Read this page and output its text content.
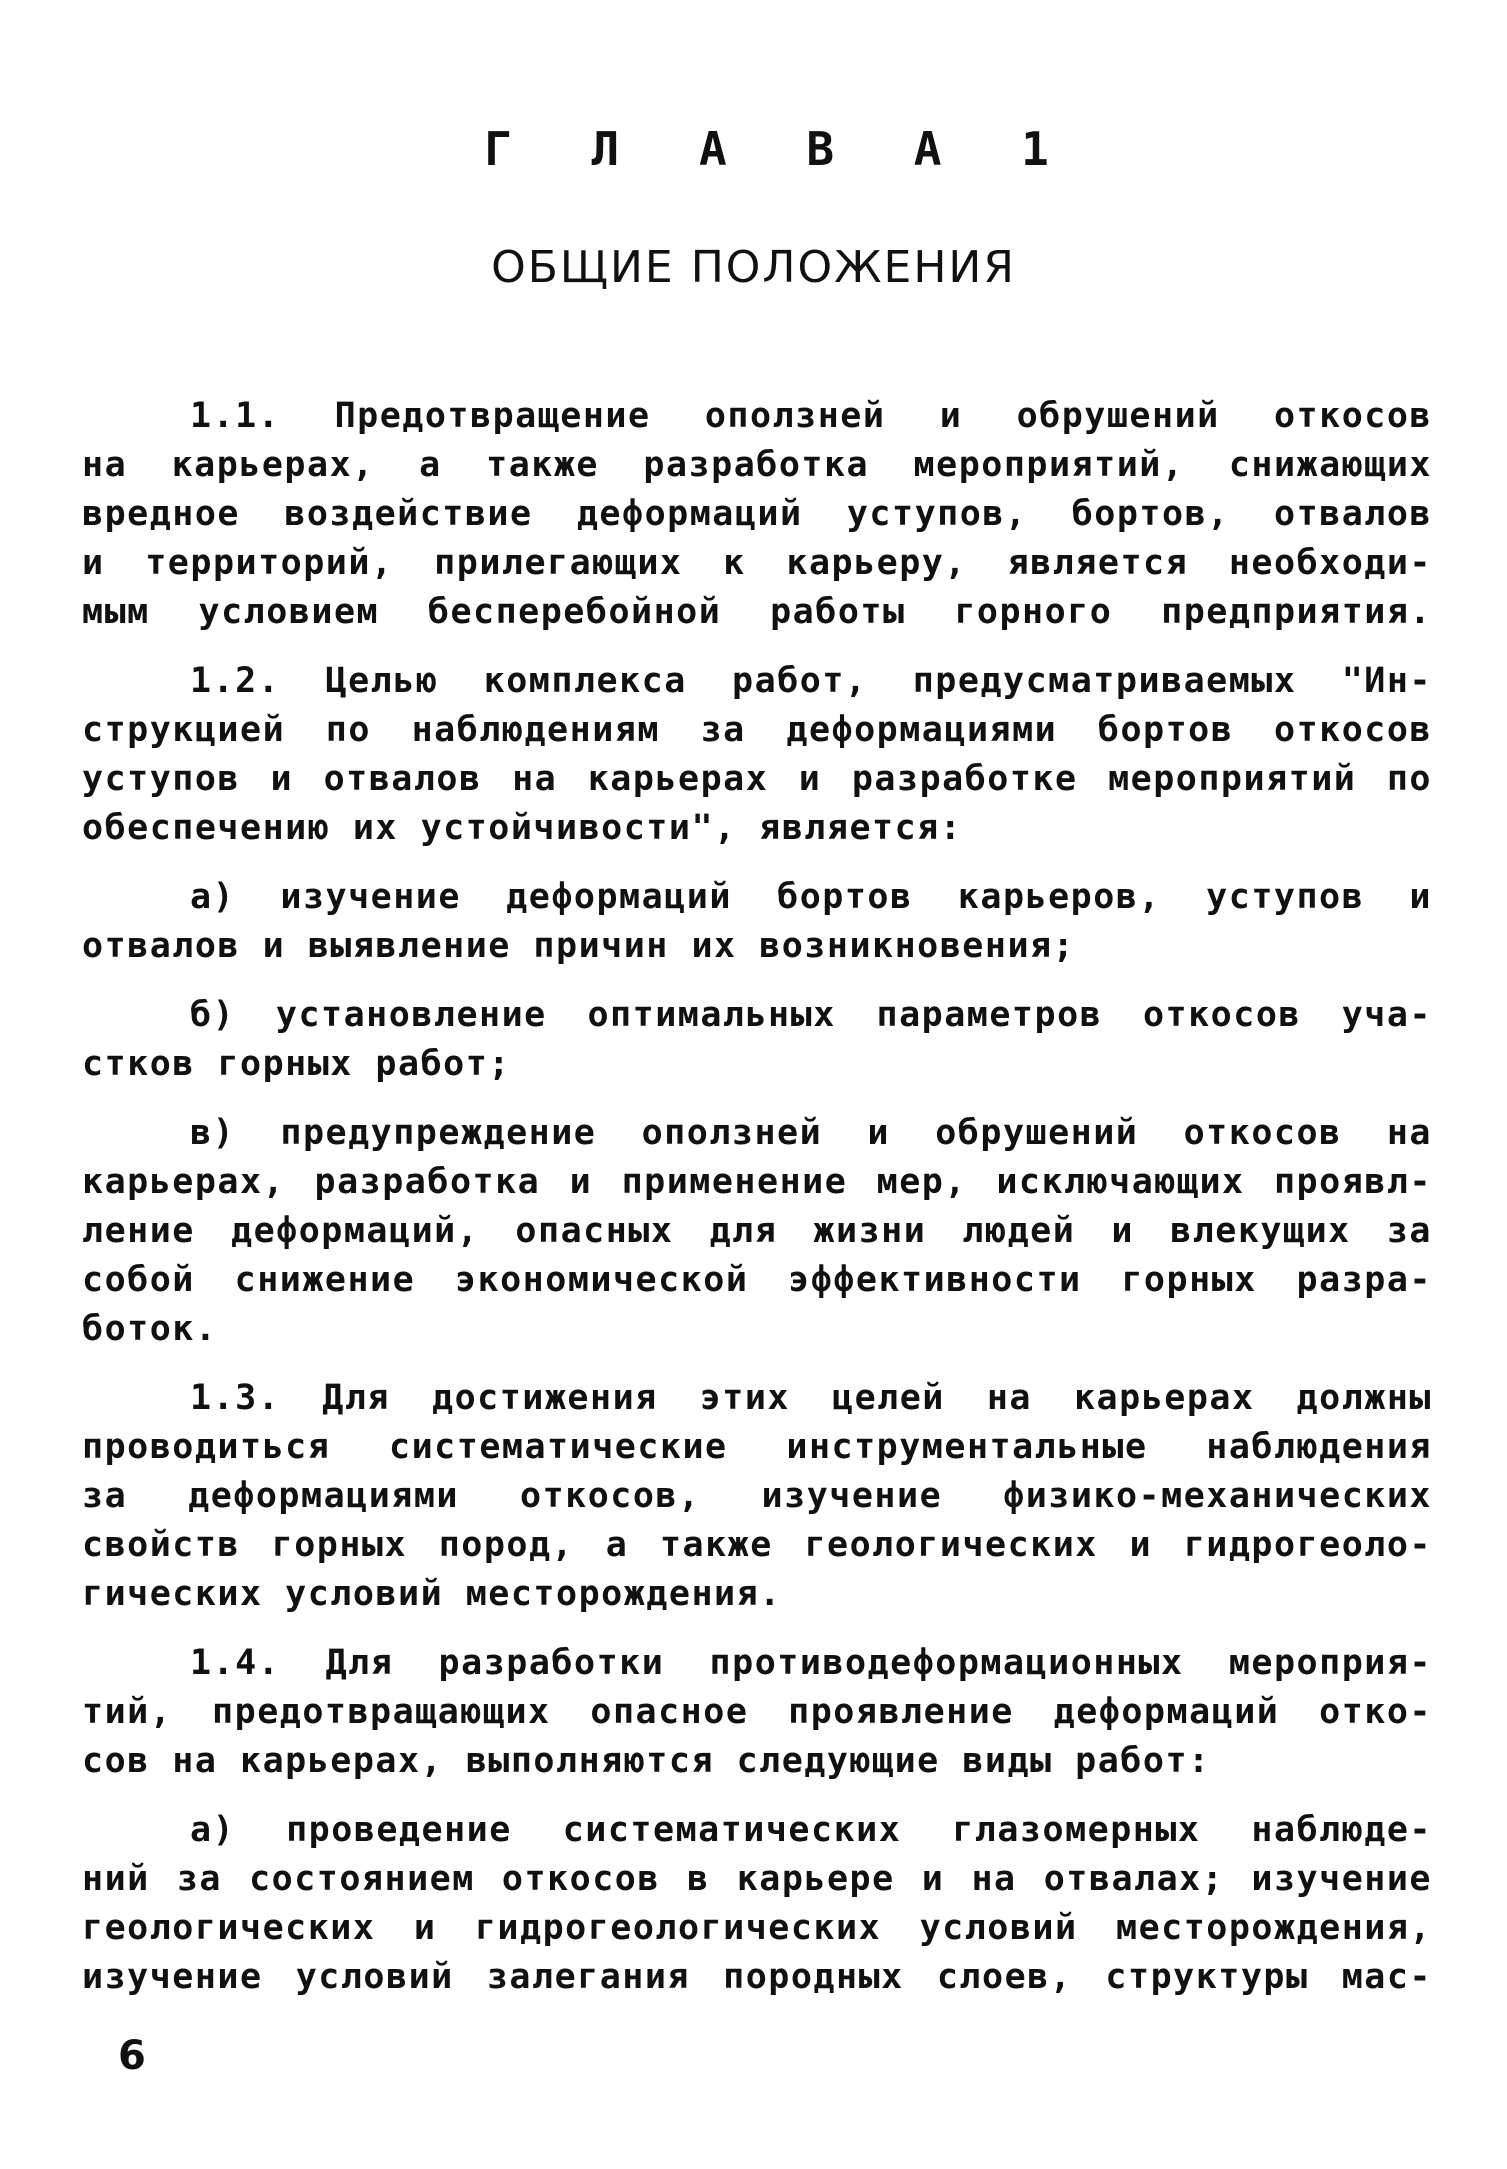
Г Л А В А 1
ОБЩИЕ ПОЛОЖЕНИЯ
1.1. Предотвращение оползней и обрушений откосов
на карьерах, а также разработка мероприятий, снижающих
вредное воздействие деформаций уступов, бортов, отвалов
и территорий, прилегающих к карьеру, является необходи-
мым условием бесперебойной работы горного предприятия.
1.2. Целью комплекса работ, предусматриваемых "Ин-
струкцией по наблюдениям за деформациями бортов откосов
уступов и отвалов на карьерах и разработке мероприятий по
обеспечению их устойчивости", является:
а) изучение деформаций бортов карьеров, уступов и
отвалов и выявление причин их возникновения;
б) установление оптимальных параметров откосов уча-
стков горных работ;
в) предупреждение оползней и обрушений откосов на
карьерах, разработка и применение мер, исключающих проявл-
ление деформаций, опасных для жизни людей и влекущих за
собой снижение экономической эффективности горных разра-
боток.
1.3. Для достижения этих целей на карьерах должны
проводиться систематические инструментальные наблюдения
за деформациями откосов, изучение физико-механических
свойств горных пород, а также геологических и гидрогеоло-
гических условий месторождения.
1.4. Для разработки противодеформационных мероприя-
тий, предотвращающих опасное проявление деформаций отко-
сов на карьерах, выполняются следующие виды работ:
а) проведение систематических глазомерных наблюде-
ний за состоянием откосов в карьере и на отвалах; изучение
геологических и гидрогеологических условий месторождения,
изучение условий залегания породных слоев, структуры мас-
6
